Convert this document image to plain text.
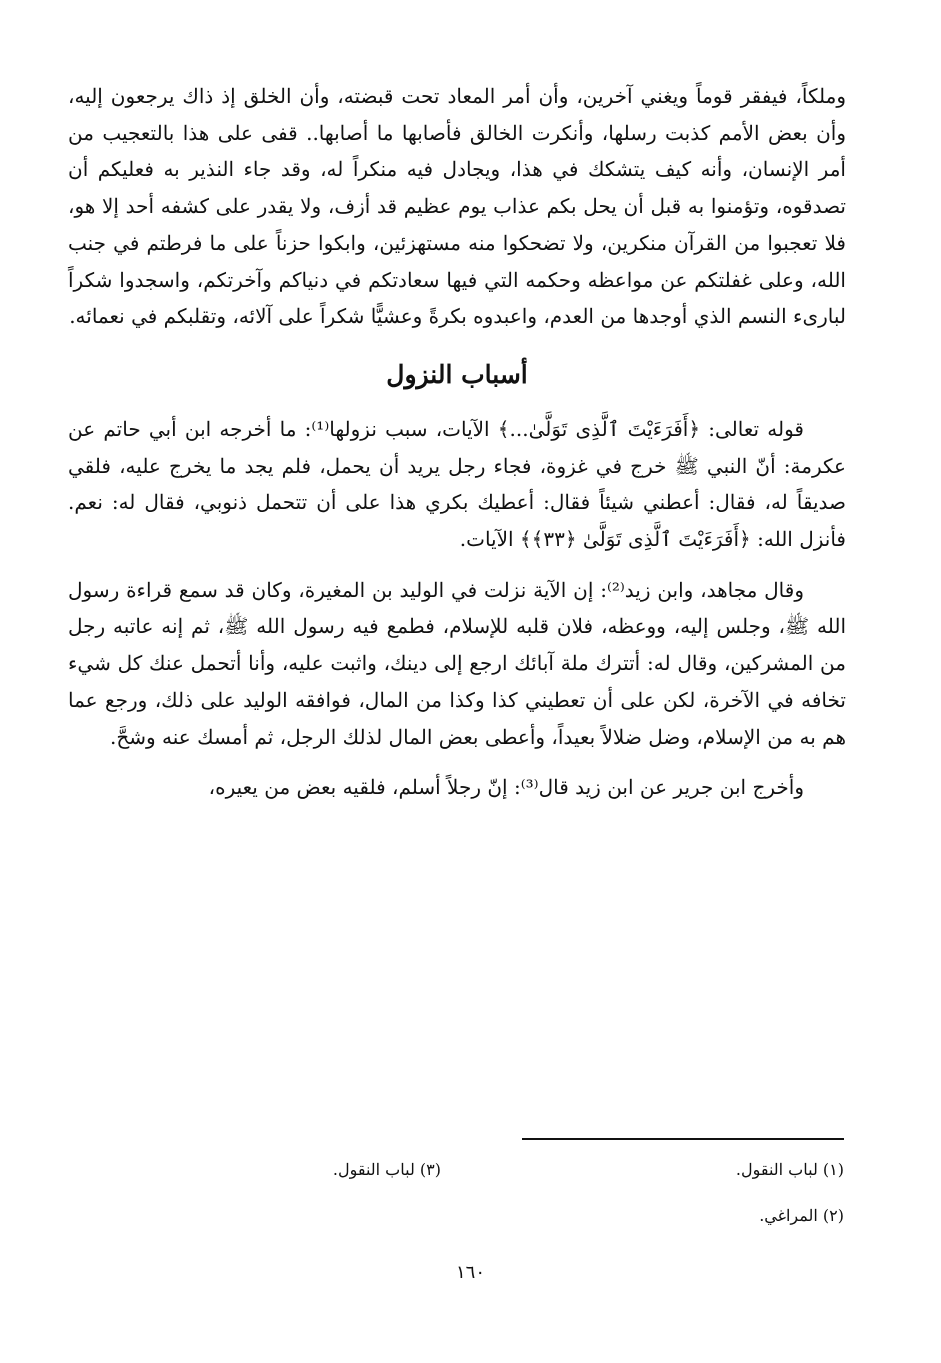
وملكاً، فيفقر قوماً ويغني آخرين، وأن أمر المعاد تحت قبضته، وأن الخلق إذ ذاك يرجعون إليه، وأن بعض الأمم كذبت رسلها، وأنكرت الخالق فأصابها ما أصابها.. قفى على هذا بالتعجيب من أمر الإنسان، وأنه كيف يتشكك في هذا، ويجادل فيه منكراً له، وقد جاء النذير به فعليكم أن تصدقوه، وتؤمنوا به قبل أن يحل بكم عذاب يوم عظيم قد أزف، ولا يقدر على كشفه أحد إلا هو، فلا تعجبوا من القرآن منكرين، ولا تضحكوا منه مستهزئين، وابكوا حزناً على ما فرطتم في جنب الله، وعلى غفلتكم عن مواعظه وحكمه التي فيها سعادتكم في دنياكم وآخرتكم، واسجدوا شكراً لبارىء النسم الذي أوجدها من العدم، واعبدوه بكرةً وعشيًّا شكراً على آلائه، وتقلبكم في نعمائه.

أسباب النزول

قوله تعالى: ﴿أَفَرَءَيْتَ ٱلَّذِى تَوَلَّىٰ...﴾ الآيات، سبب نزولها⁽¹⁾: ما أخرجه ابن أبي حاتم عن عكرمة: أنّ النبي ﷺ خرج في غزوة، فجاء رجل يريد أن يحمل، فلم يجد ما يخرج عليه، فلقي صديقاً له، فقال: أعطني شيئاً فقال: أعطيك بكري هذا على أن تتحمل ذنوبي، فقال له: نعم. فأنزل الله: ﴿أَفَرَءَيْتَ ٱلَّذِى تَوَلَّىٰ ﴿٣٣﴾﴾ الآيات.

وقال مجاهد، وابن زيد⁽²⁾: إن الآية نزلت في الوليد بن المغيرة، وكان قد سمع قراءة رسول الله ﷺ، وجلس إليه، ووعظه، فلان قلبه للإسلام، فطمع فيه رسول الله ﷺ، ثم إنه عاتبه رجل من المشركين، وقال له: أتترك ملة آبائك ارجع إلى دينك، واثبت عليه، وأنا أتحمل عنك كل شيء تخافه في الآخرة، لكن على أن تعطيني كذا وكذا من المال، فوافقه الوليد على ذلك، ورجع عما هم به من الإسلام، وضل ضلالاً بعيداً، وأعطى بعض المال لذلك الرجل، ثم أمسك عنه وشحَّ.

وأخرج ابن جرير عن ابن زيد قال⁽³⁾: إنّ رجلاً أسلم، فلقيه بعض من يعيره،

(١) لباب النقول.
(٣) لباب النقول.
(٢) المراغي.
١٦٠
